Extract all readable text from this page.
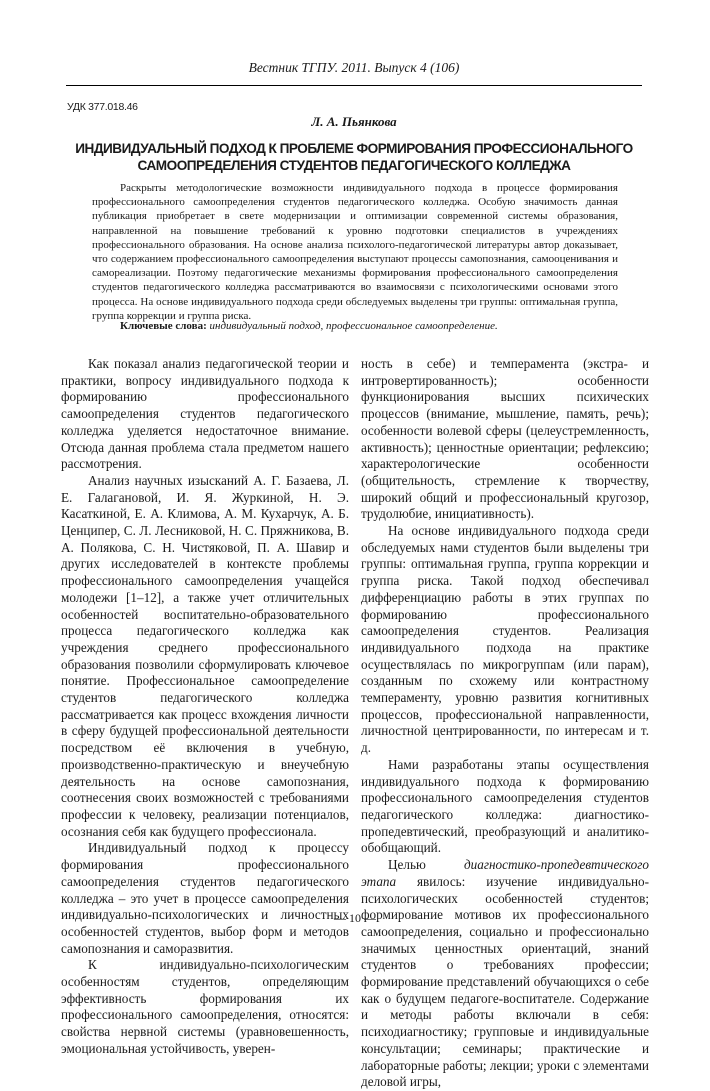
Вестник ТГПУ. 2011. Выпуск 4 (106)
УДК 377.018.46
Л. А. Пьянкова
ИНДИВИДУАЛЬНЫЙ ПОДХОД К ПРОБЛЕМЕ ФОРМИРОВАНИЯ ПРОФЕССИОНАЛЬНОГО
САМООПРЕДЕЛЕНИЯ СТУДЕНТОВ ПЕДАГОГИЧЕСКОГО КОЛЛЕДЖА

Раскрыты методологические возможности индивидуального подхода в процессе формирования профессионального самоопределения студентов педагогического колледжа. Особую значимость данная публикация приобретает в свете модернизации и оптимизации современной системы образования, направленной на повышение требований к уровню подготовки специалистов в учреждениях профессионального образования. На основе анализа психолого-педагогической литературы автор доказывает, что содержанием профессионального самоопределения выступают процессы самопознания, самооценивания и самореализации. Поэтому педагогические механизмы формирования профессионального самоопределения студентов педагогического колледжа рассматриваются во взаимосвязи с психологическими основами этого процесса. На основе индивидуального подхода среди обследуемых выделены три группы: оптимальная группа, группа коррекции и группа риска.

Ключевые слова: индивидуальный подход, профессиональное самоопределение.

Как показал анализ педагогической теории и практики, вопросу индивидуального подхода к формированию профессионального самоопределения студентов педагогического колледжа уделяется недостаточное внимание. Отсюда данная проблема стала предметом нашего рассмотрения.

Анализ научных изысканий А. Г. Базаева, Л. Е. Галагановой, И. Я. Журкиной, Н. Э. Касаткиной, Е. А. Климова, А. М. Кухарчук, А. Б. Ценципер, С. Л. Лесниковой, Н. С. Пряжникова, В. А. Полякова, С. Н. Чистяковой, П. А. Шавир и других исследователей в контексте проблемы профессионального самоопределения учащейся молодежи [1–12], а также учет отличительных особенностей воспитательно-образовательного процесса педагогического колледжа как учреждения среднего профессионального образования позволили сформулировать ключевое понятие. Профессиональное самоопределение студентов педагогического колледжа рассматривается как процесс вхождения личности в сферу будущей профессиональной деятельности посредством её включения в учебную, производственно-практическую и внеучебную деятельность на основе самопознания, соотнесения своих возможностей с требованиями профессии к человеку, реализации потенциалов, осознания себя как будущего профессионала.

Индивидуальный подход к процессу формирования профессионального самоопределения студентов педагогического колледжа – это учет в процессе самоопределения индивидуально-психологических и личностных особенностей студентов, выбор форм и методов самопознания и саморазвития.

К индивидуально-психологическим особенностям студентов, определяющим эффективность формирования их профессионального самоопределения, относятся: свойства нервной системы (уравновешенность, эмоциональная устойчивость, уверен-

ность в себе) и темперамента (экстра- и интровертированность); особенности функционирования высших психических процессов (внимание, мышление, память, речь); особенности волевой сферы (целеустремленность, активность); ценностные ориентации; рефлексию; характерологические особенности (общительность, стремление к творчеству, широкий общий и профессиональный кругозор, трудолюбие, инициативность).

На основе индивидуального подхода среди обследуемых нами студентов были выделены три группы: оптимальная группа, группа коррекции и группа риска. Такой подход обеспечивал дифференциацию работы в этих группах по формированию профессионального самоопределения студентов. Реализация индивидуального подхода на практике осуществлялась по микрогруппам (или парам), созданным по схожему или контрастному темпераменту, уровню развития когнитивных процессов, профессиональной направленности, личностной центрированности, по интересам и т. д.

Нами разработаны этапы осуществления индивидуального подхода к формированию профессионального самоопределения студентов педагогического колледжа: диагностико-пропедевтический, преобразующий и аналитико-обобщающий.

Целью диагностико-пропедевтического этапа явилось: изучение индивидуально-психологических особенностей студентов; формирование мотивов их профессионального самоопределения, социально и профессионально значимых ценностных ориентаций, знаний студентов о требованиях профессии; формирование представлений обучающихся о себе как о будущем педагоге-воспитателе. Содержание и методы работы включали в себя: психодиагностику; групповые и индивидуальные консультации; семинары; практические и лабораторные работы; лекции; уроки с элементами деловой игры,

— 10 —
